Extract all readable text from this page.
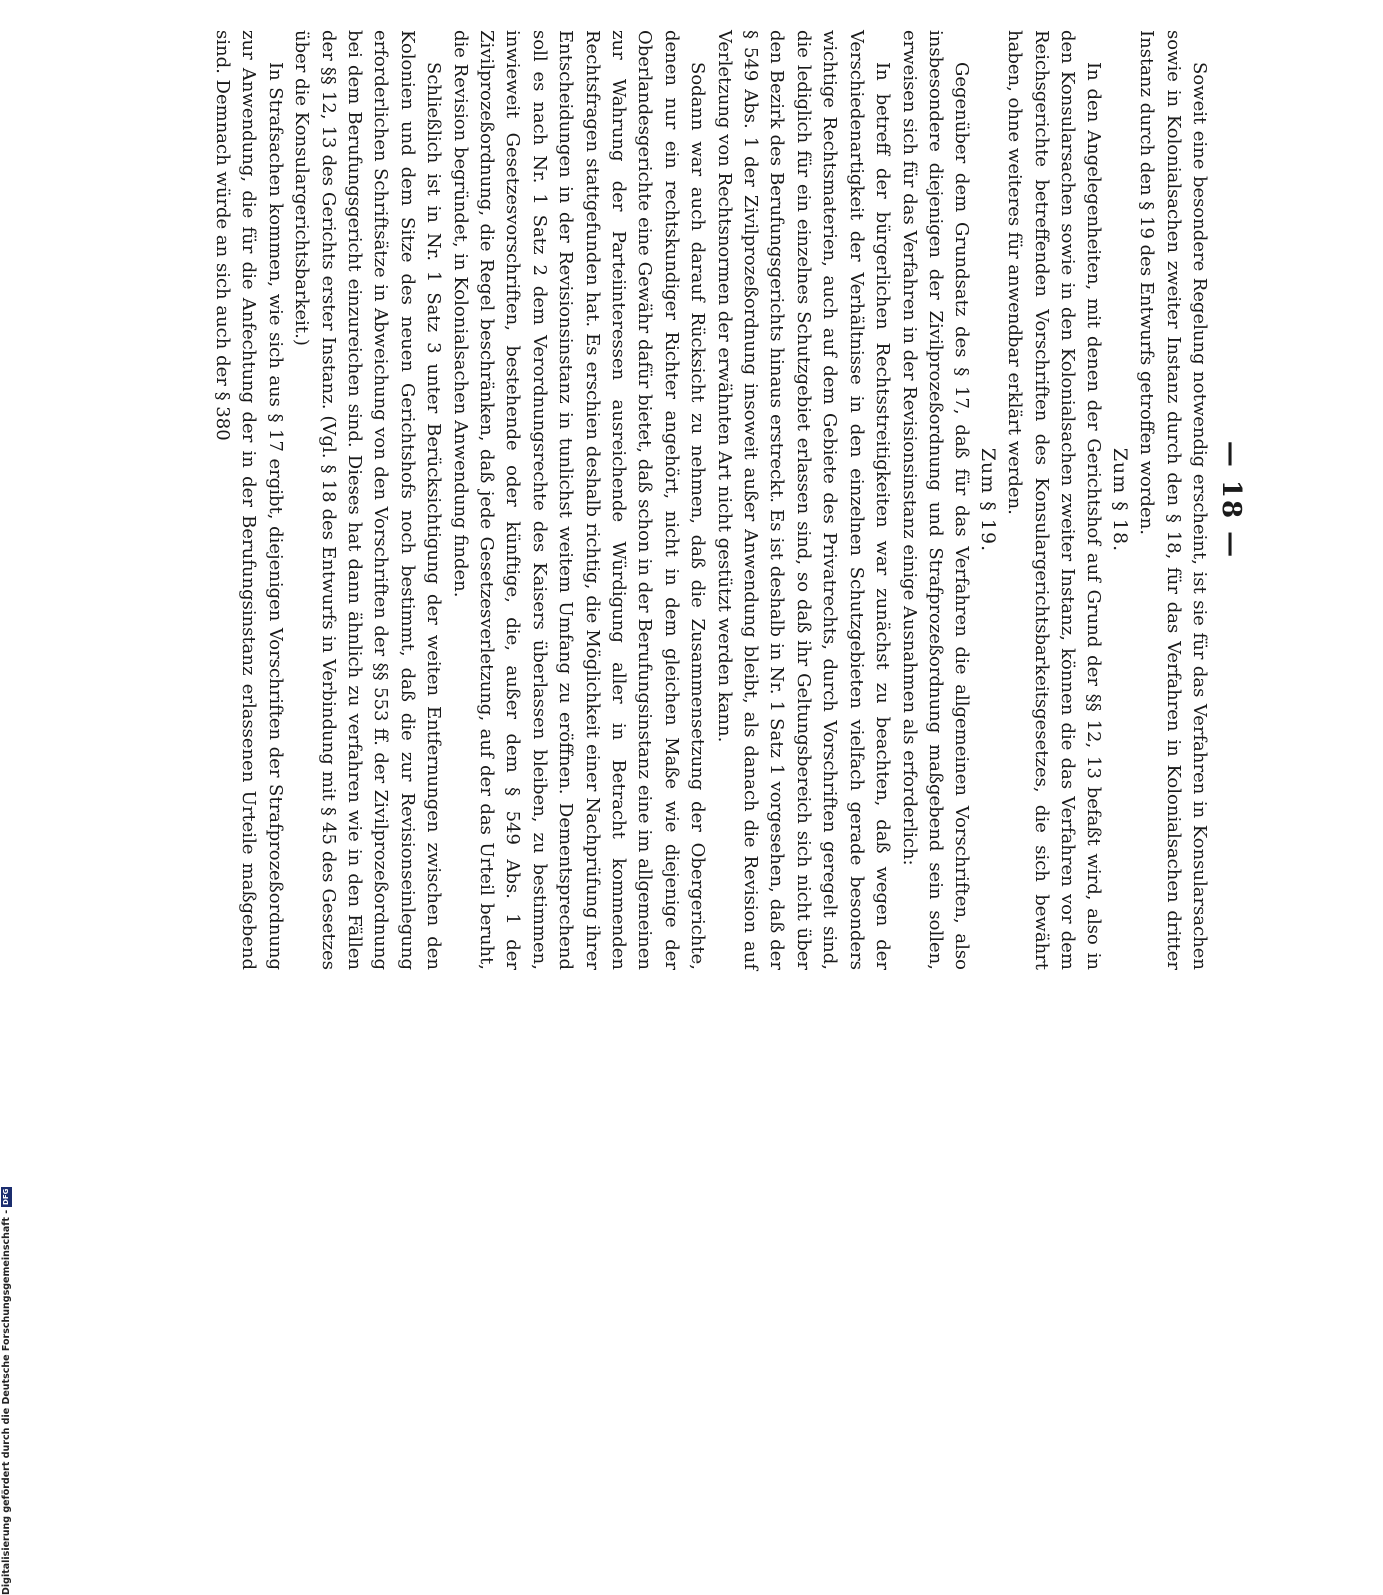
— 18 —

Soweit eine besondere Regelung notwendig erscheint, ist sie für das Verfahren in Konsularsachen sowie in Kolonialsachen zweiter Instanz durch den § 18, für das Verfahren in Kolonialsachen dritter Instanz durch den § 19 des Entwurfs getroffen worden.

Zum § 18.

In den Angelegenheiten, mit denen der Gerichtshof auf Grund der §§ 12, 13 befaßt wird, also in den Konsularsachen sowie in den Kolonialsachen zweiter Instanz, können die das Verfahren vor dem Reichsgerichte betreffenden Vorschriften des Konsulargerichtsbarkeitsgesetzes, die sich bewährt haben, ohne weiteres für anwendbar erklärt werden.

Zum § 19.

Gegenüber dem Grundsatz des § 17, daß für das Verfahren die allgemeinen Vorschriften, also insbesondere diejenigen der Zivilprozeßordnung und Strafprozeßordnung maßgebend sein sollen, erweisen sich für das Verfahren in der Revisionsinstanz einige Ausnahmen als erforderlich:

In betreff der bürgerlichen Rechtsstreitigkeiten war zunächst zu beachten, daß wegen der Verschiedenartigkeit der Verhältnisse in den einzelnen Schutzgebieten vielfach gerade besonders wichtige Rechtsmaterien, auch auf dem Gebiete des Privatrechts, durch Vorschriften geregelt sind, die lediglich für ein einzelnes Schutzgebiet erlassen sind, so daß ihr Geltungsbereich sich nicht über den Bezirk des Berufungsgerichts hinaus erstreckt. Es ist deshalb in Nr. 1 Satz 1 vorgesehen, daß der § 549 Abs. 1 der Zivilprozeßordnung insoweit außer Anwendung bleibt, als danach die Revision auf Verletzung von Rechtsnormen der erwähnten Art nicht gestützt werden kann.

Sodann war auch darauf Rücksicht zu nehmen, daß die Zusammensetzung der Obergerichte, denen nur ein rechtskundiger Richter angehört, nicht in dem gleichen Maße wie diejenige der Oberlandesgerichte eine Gewähr dafür bietet, daß schon in der Berufungsinstanz eine im allgemeinen zur Wahrung der Parteiinteressen ausreichende Würdigung aller in Betracht kommenden Rechtsfragen stattgefunden hat. Es erschien deshalb richtig, die Möglichkeit einer Nachprüfung ihrer Entscheidungen in der Revisionsinstanz in tunlichst weitem Umfang zu eröffnen. Dementsprechend soll es nach Nr. 1 Satz 2 dem Verordnungsrechte des Kaisers überlassen bleiben, zu bestimmen, inwieweit Gesetzesvorschriften, bestehende oder künftige, die, außer dem § 549 Abs. 1 der Zivilprozeßordnung, die Regel beschränken, daß jede Gesetzesverletzung, auf der das Urteil beruht, die Revision begründet, in Kolonialsachen Anwendung finden.

Schließlich ist in Nr. 1 Satz 3 unter Berücksichtigung der weiten Entfernungen zwischen den Kolonien und dem Sitze des neuen Gerichtshofs noch bestimmt, daß die zur Revisionseinlegung erforderlichen Schriftsätze in Abweichung von den Vorschriften der §§ 553 ff. der Zivilprozeßordnung bei dem Berufungsgericht einzureichen sind. Dieses hat dann ähnlich zu verfahren wie in den Fällen der §§ 12, 13 des Gerichts erster Instanz. (Vgl. § 18 des Entwurfs in Verbindung mit § 45 des Gesetzes über die Konsulargerichtsbarkeit.)

In Strafsachen kommen, wie sich aus § 17 ergibt, diejenigen Vorschriften der Strafprozeßordnung zur Anwendung, die für die Anfechtung der in der Berufungsinstanz erlassenen Urteile maßgebend sind. Demnach würde an sich auch der § 380

Digitalisierung gefördert durch die Deutsche Forschungsgemeinschaft -DFG
